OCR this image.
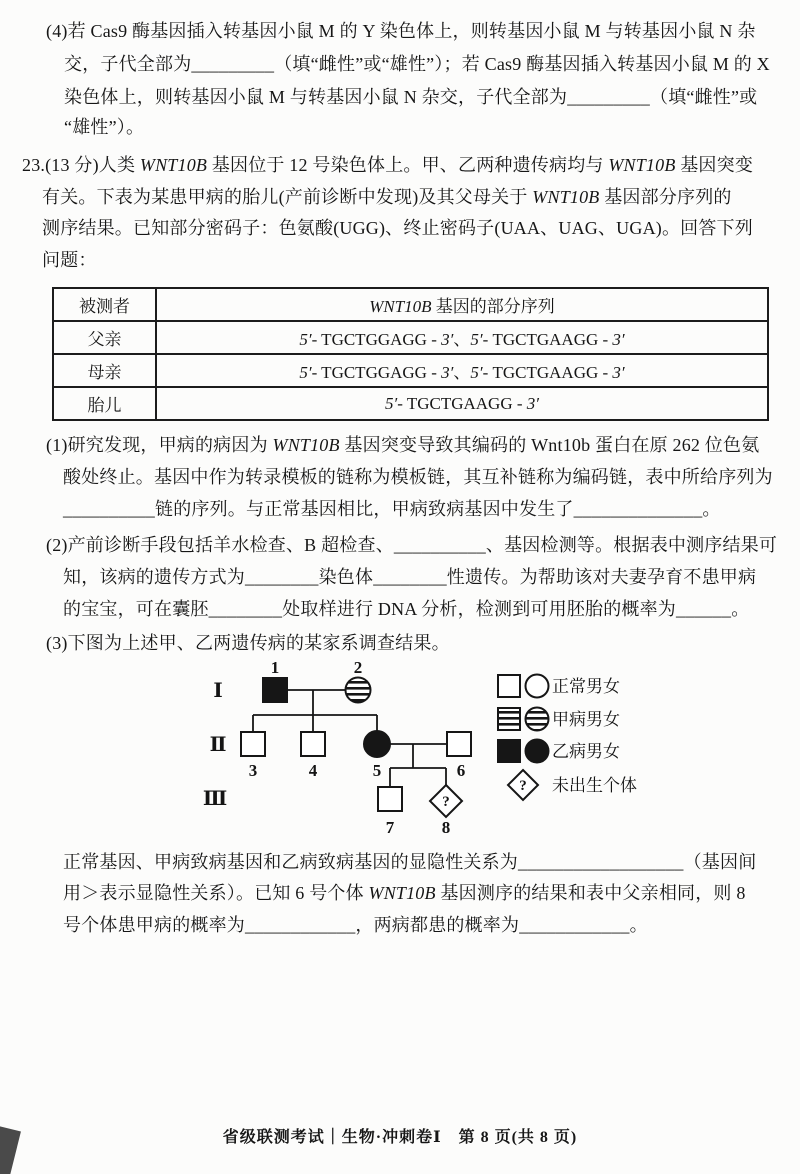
(4)若 Cas9 酶基因插入转基因小鼠 M 的 Y 染色体上，则转基因小鼠 M 与转基因小鼠 N 杂
交，子代全部为_________（填“雌性”或“雄性”）；若 Cas9 酶基因插入转基因小鼠 M 的 X
染色体上，则转基因小鼠 M 与转基因小鼠 N 杂交，子代全部为_________（填“雌性”或
“雄性”）。
23.(13 分)人类 WNT10B 基因位于 12 号染色体上。甲、乙两种遗传病均与 WNT10B 基因突变
有关。下表为某患甲病的胎儿(产前诊断中发现)及其父母关于 WNT10B 基因部分序列的
测序结果。已知部分密码子：色氨酸(UGG)、终止密码子(UAA、UAG、UGA)。回答下列
问题：
被测者	WNT10B 基因的部分序列
父亲	5′- TGCTGGAGG - 3′、5′- TGCTGAAGG - 3′
母亲	5′- TGCTGGAGG - 3′、5′- TGCTGAAGG - 3′
胎儿	5′- TGCTGAAGG - 3′
(1)研究发现，甲病的病因为 WNT10B 基因突变导致其编码的 Wnt10b 蛋白在原 262 位色氨
酸处终止。基因中作为转录模板的链称为模板链，其互补链称为编码链，表中所给序列为
__________链的序列。与正常基因相比，甲病致病基因中发生了______________。
(2)产前诊断手段包括羊水检查、B 超检查、__________、基因检测等。根据表中测序结果可
知，该病的遗传方式为________染色体________性遗传。为帮助该对夫妻孕育不患甲病
的宝宝，可在囊胚________处取样进行 DNA 分析，检测到可用胚胎的概率为______。
(3)下图为上述甲、乙两遗传病的某家系调查结果。
Ⅰ
Ⅱ
Ⅲ	?
1	2
3	4	5	6
7	8
正常男女
甲病男女
乙病男女
? 未出生个体
正常基因、甲病致病基因和乙病致病基因的显隐性关系为__________________（基因间
用＞表示显隐性关系）。已知 6 号个体 WNT10B 基因测序的结果和表中父亲相同，则 8
号个体患甲病的概率为____________，两病都患的概率为____________。
省级联测考试｜生物·冲刺卷Ⅰ　第 8 页(共 8 页)
